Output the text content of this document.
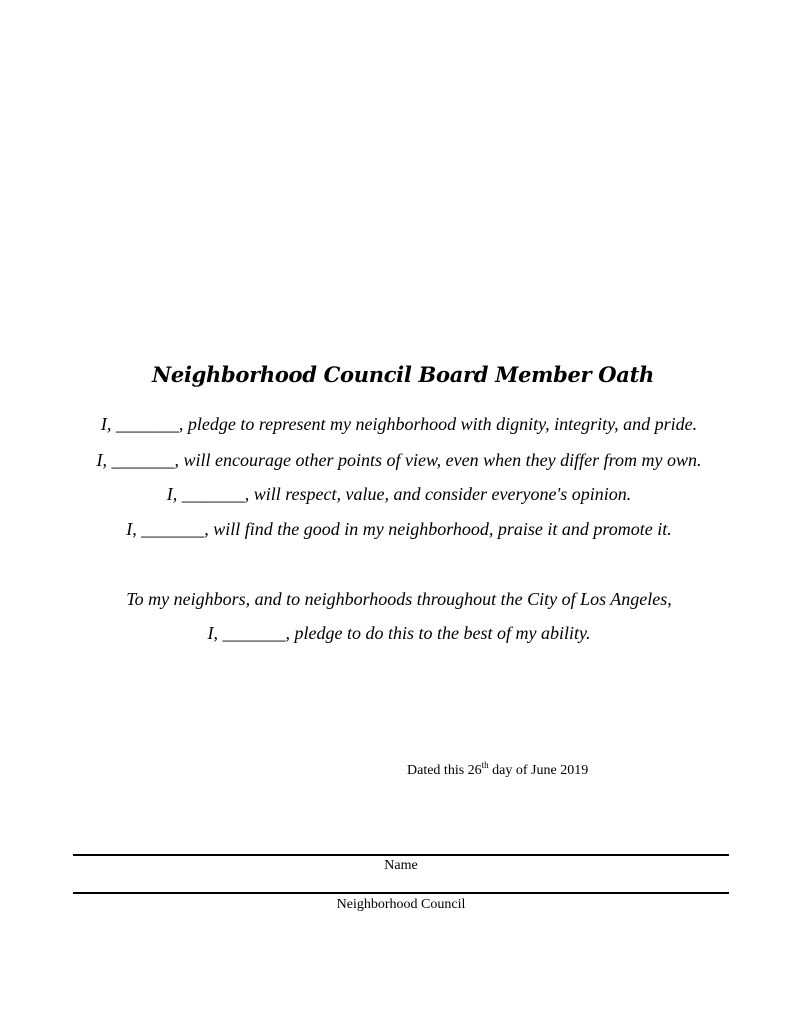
Neighborhood Council Board Member Oath

I, _______, pledge to represent my neighborhood with dignity, integrity, and pride.

I, _______, will encourage other points of view, even when they differ from my own.

I, _______, will respect, value, and consider everyone's opinion.

I, _______, will find the good in my neighborhood, praise it and promote it.

To my neighbors, and to neighborhoods throughout the City of Los Angeles,

I, _______, pledge to do this to the best of my ability.

Dated this 26th day of June 2019
Name
Neighborhood Council
